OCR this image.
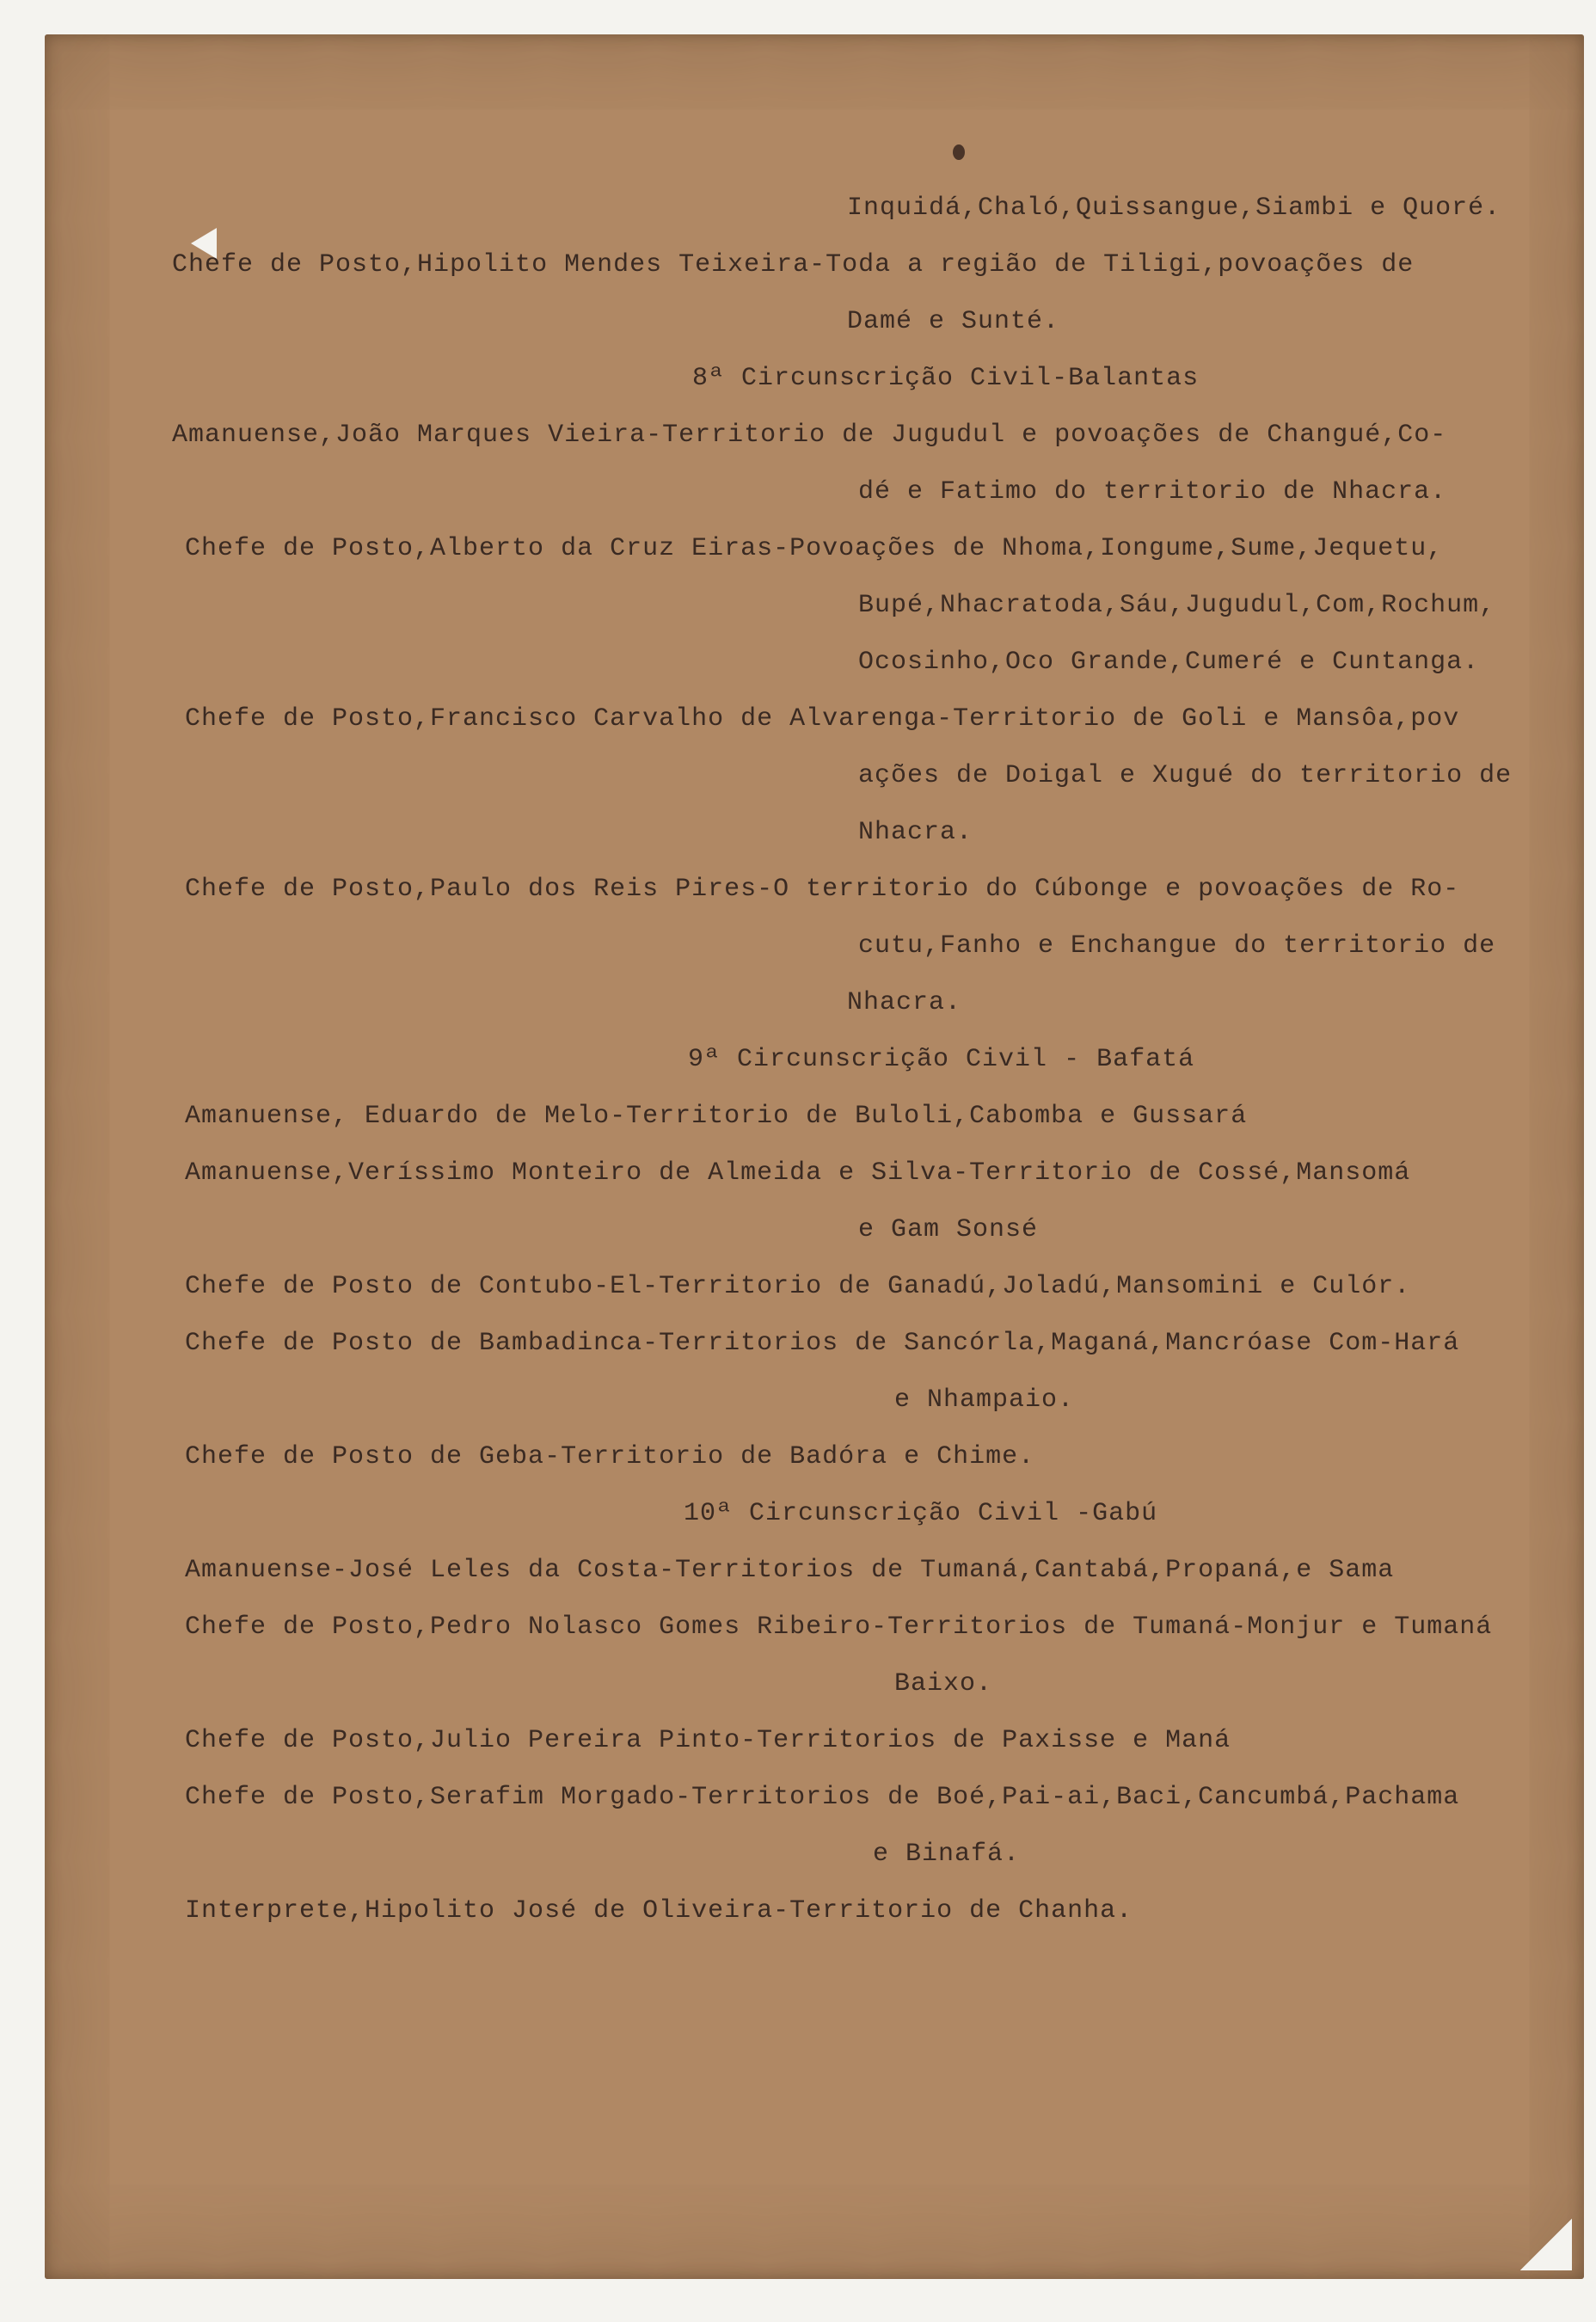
Inquidá,Chaló,Quissangue,Siambi e Quoré.

Chefe de Posto,Hipolito Mendes Teixeira-Toda a região de Tiligi,povoações de

Damé e Sunté.

8ª Circunscrição Civil-Balantas

Amanuense,João Marques Vieira-Territorio de Jugudul e povoações de Changué,Co-

dé e Fatimo do territorio de Nhacra.

Chefe de Posto,Alberto da Cruz Eiras-Povoações de Nhoma,Iongume,Sume,Jequetu,

Bupé,Nhacratoda,Sáu,Jugudul,Com,Rochum,

Ocosinho,Oco Grande,Cumeré e Cuntanga.

Chefe de Posto,Francisco Carvalho de Alvarenga-Territorio de Goli e Mansôa,pov

ações de Doigal e Xugué do territorio de

Nhacra.

Chefe de Posto,Paulo dos Reis Pires-O territorio do Cúbonge e povoações de Ro-

cutu,Fanho e Enchangue do territorio de

Nhacra.

9ª Circunscrição Civil - Bafatá

Amanuense, Eduardo de Melo-Territorio de Buloli,Cabomba e Gussará

Amanuense,Veríssimo Monteiro de Almeida e Silva-Territorio de Cossé,Mansomá

e Gam Sonsé

Chefe de Posto de Contubo-El-Territorio de Ganadú,Joladú,Mansomini e Culór.

Chefe de Posto de Bambadinca-Territorios de Sancórla,Maganá,Mancróase Com-Hará

e Nhampaio.

Chefe de Posto de Geba-Territorio de Badóra e Chime.

10ª Circunscrição Civil -Gabú

Amanuense-José Leles da Costa-Territorios de Tumaná,Cantabá,Propaná,e Sama

Chefe de Posto,Pedro Nolasco Gomes Ribeiro-Territorios de Tumaná-Monjur e Tumaná

Baixo.

Chefe de Posto,Julio Pereira Pinto-Territorios de Paxisse e Maná

Chefe de Posto,Serafim Morgado-Territorios de Boé,Pai-ai,Baci,Cancumbá,Pachama

e Binafá.

Interprete,Hipolito José de Oliveira-Territorio de Chanha.
